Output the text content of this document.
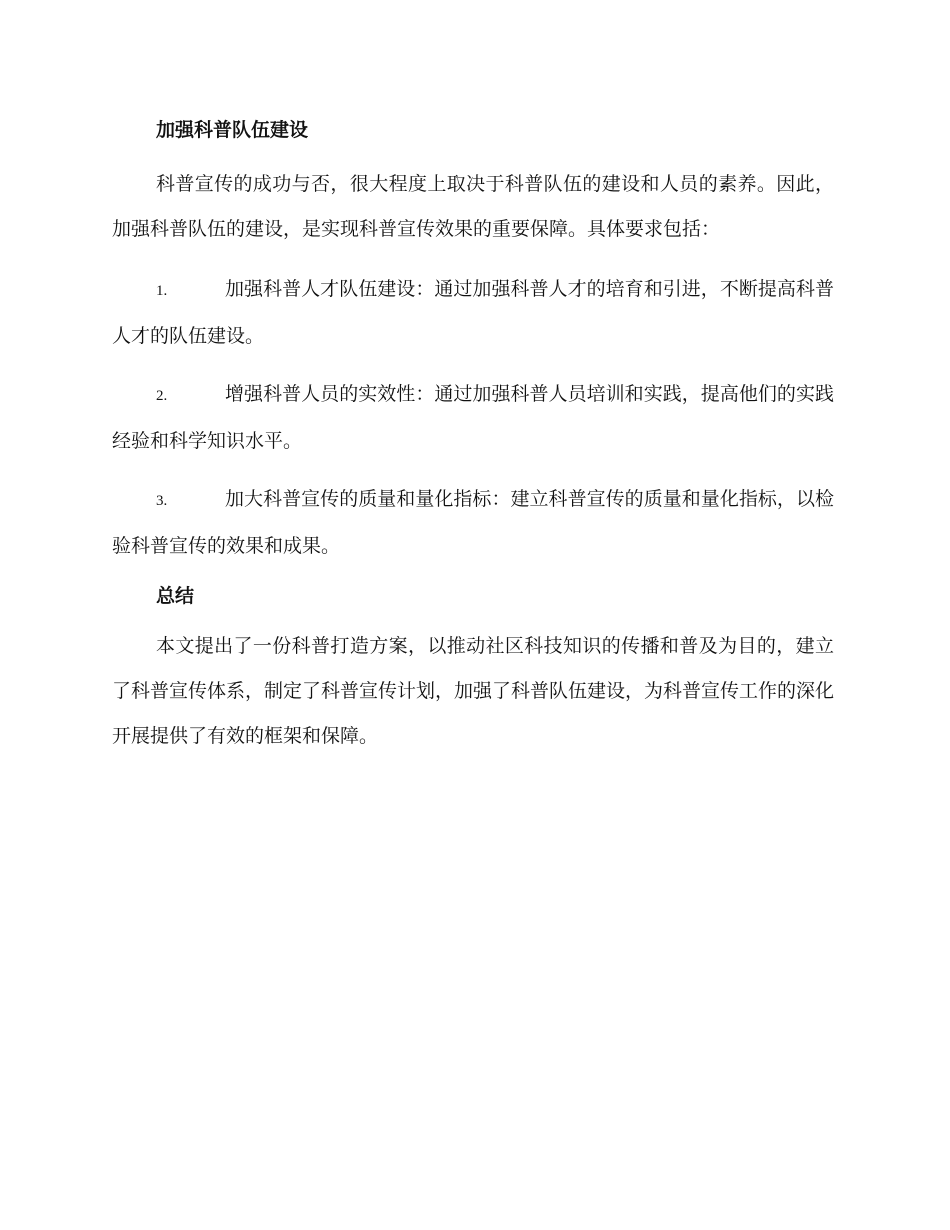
加强科普队伍建设

科普宣传的成功与否，很大程度上取决于科普队伍的建设和人员的素养。因此，加强科普队伍的建设，是实现科普宣传效果的重要保障。具体要求包括：

1.	加强科普人才队伍建设：通过加强科普人才的培育和引进，不断提高科普人才的队伍建设。

2.	增强科普人员的实效性：通过加强科普人员培训和实践，提高他们的实践经验和科学知识水平。

3.	加大科普宣传的质量和量化指标：建立科普宣传的质量和量化指标，以检验科普宣传的效果和成果。

总结

本文提出了一份科普打造方案，以推动社区科技知识的传播和普及为目的，建立了科普宣传体系，制定了科普宣传计划，加强了科普队伍建设，为科普宣传工作的深化开展提供了有效的框架和保障。
